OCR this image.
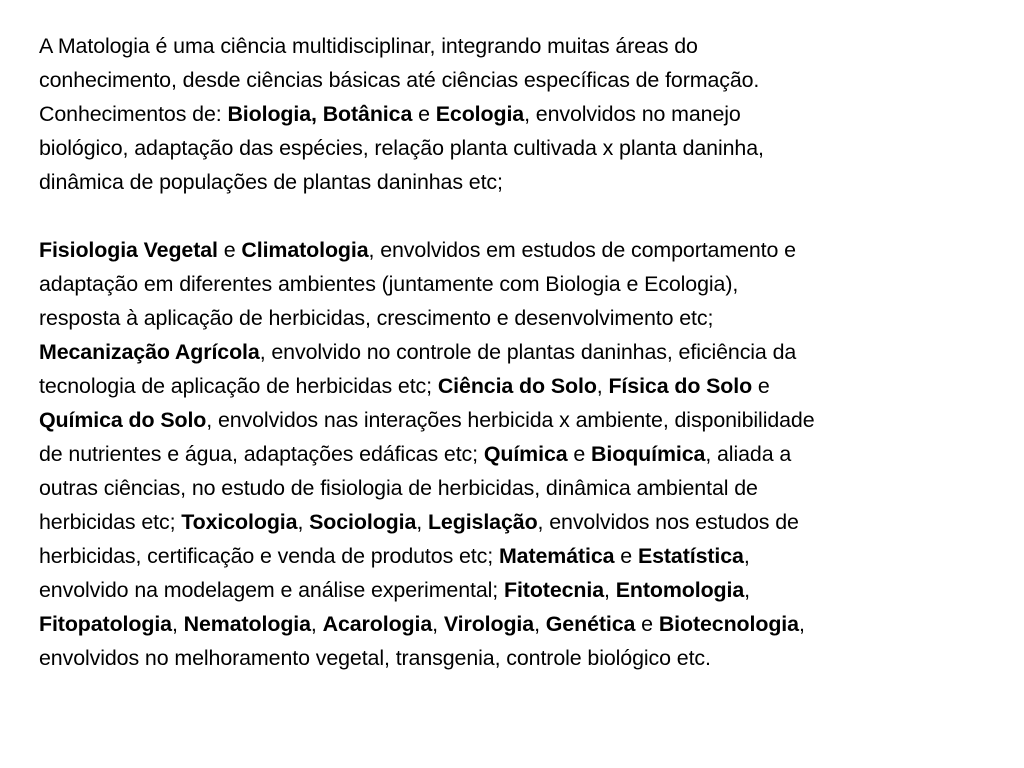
A Matologia é uma ciência multidisciplinar, integrando muitas áreas do
conhecimento, desde ciências básicas até ciências específicas de formação.
Conhecimentos de: Biologia, Botânica e Ecologia, envolvidos no manejo
biológico, adaptação das espécies, relação planta cultivada x planta daninha,
dinâmica de populações de plantas daninhas etc;

Fisiologia Vegetal e Climatologia, envolvidos em estudos de comportamento e
adaptação em diferentes ambientes (juntamente com Biologia e Ecologia),
resposta à aplicação de herbicidas, crescimento e desenvolvimento etc;
Mecanização Agrícola, envolvido no controle de plantas daninhas, eficiência da
tecnologia de aplicação de herbicidas etc; Ciência do Solo, Física do Solo e
Química do Solo, envolvidos nas interações herbicida x ambiente, disponibilidade
de nutrientes e água, adaptações edáficas etc; Química e Bioquímica, aliada a
outras ciências, no estudo de fisiologia de herbicidas, dinâmica ambiental de
herbicidas etc; Toxicologia, Sociologia, Legislação, envolvidos nos estudos de
herbicidas, certificação e venda de produtos etc; Matemática e Estatística,
envolvido na modelagem e análise experimental; Fitotecnia, Entomologia,
Fitopatologia, Nematologia, Acarologia, Virologia, Genética e Biotecnologia,
envolvidos no melhoramento vegetal, transgenia, controle biológico etc.
